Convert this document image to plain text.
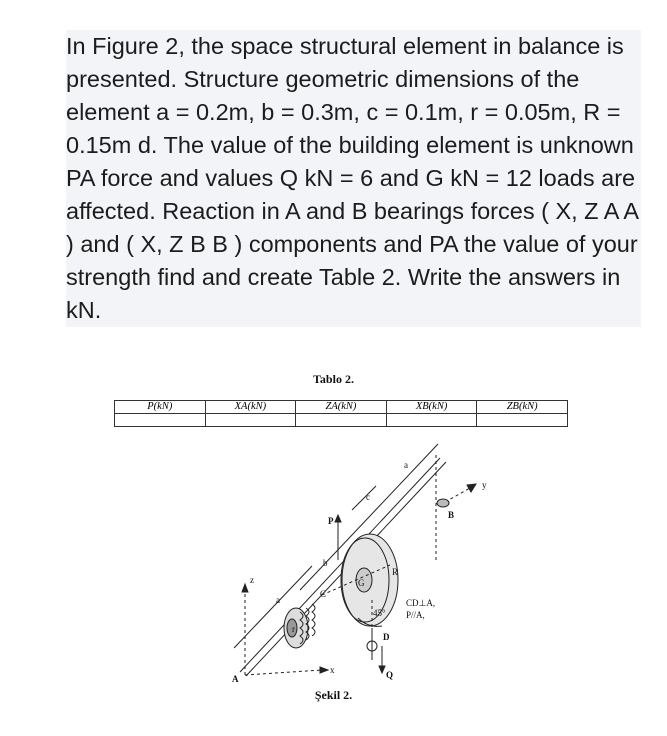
In Figure 2, the space structural element in balance is presented. Structure geometric dimensions of the element a = 0.2m, b = 0.3m, c = 0.1m, r = 0.05m, R = 0.15m d. The value of the building element is unknown PA force and values Q kN = 6 and G kN = 12 loads are affected. Reaction in A and B bearings forces ( X, Z A A ) and ( X, Z B B ) components and PA the value of your strength find and create Table 2. Write the answers in kN.

Tablo 2.
P(kN)	XA(kN)	ZA(kN)	XB(kN)	ZB(kN)

a
a
b
c
y
B
P
R
G
C
z
x
A
r
45°
D
Q
CD⊥A,
P//A,
Şekil 2.
